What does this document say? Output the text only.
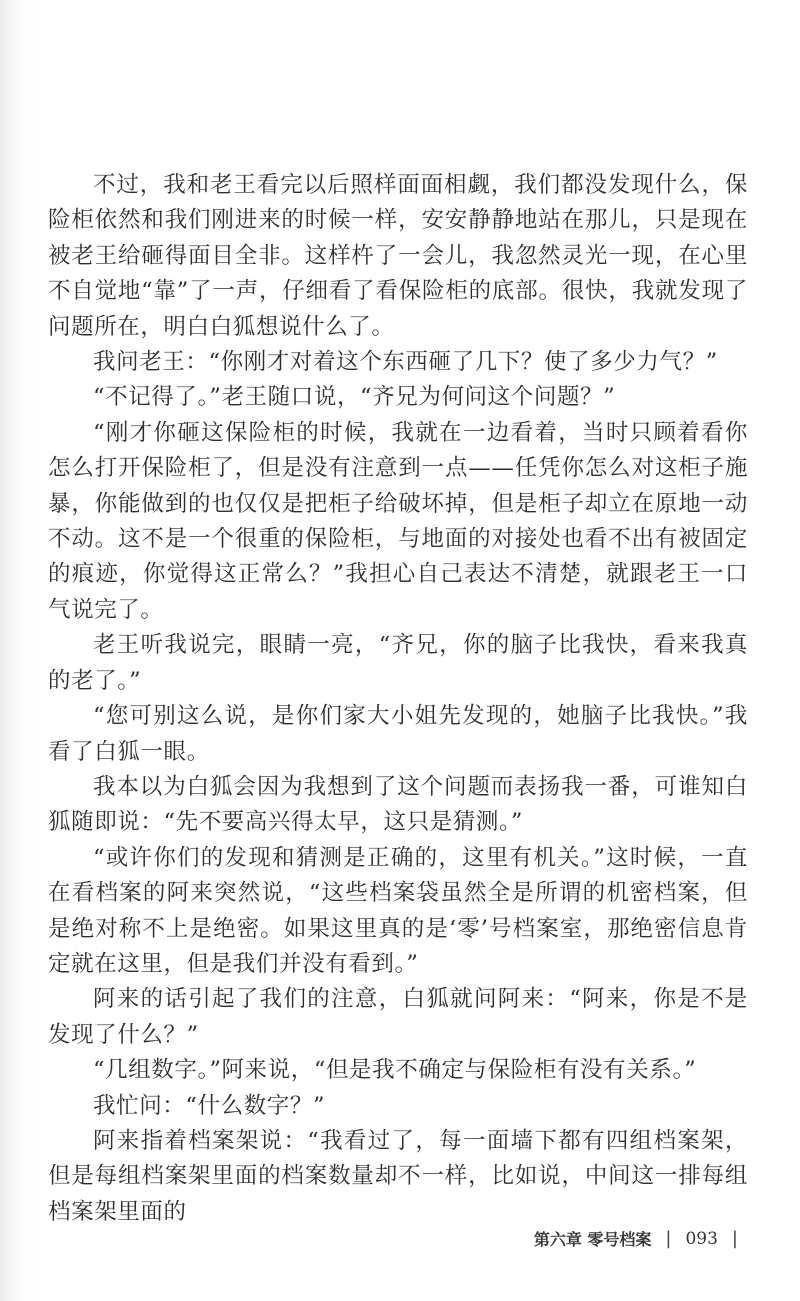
不过，我和老王看完以后照样面面相觑，我们都没发现什么，保险柜依然和我们刚进来的时候一样，安安静静地站在那儿，只是现在被老王给砸得面目全非。这样杵了一会儿，我忽然灵光一现，在心里不自觉地“靠”了一声，仔细看了看保险柜的底部。很快，我就发现了问题所在，明白白狐想说什么了。

我问老王：“你刚才对着这个东西砸了几下？使了多少力气？”

“不记得了。”老王随口说，“齐兄为何问这个问题？”

“刚才你砸这保险柜的时候，我就在一边看着，当时只顾着看你怎么打开保险柜了，但是没有注意到一点——任凭你怎么对这柜子施暴，你能做到的也仅仅是把柜子给破坏掉，但是柜子却立在原地一动不动。这不是一个很重的保险柜，与地面的对接处也看不出有被固定的痕迹，你觉得这正常么？”我担心自己表达不清楚，就跟老王一口气说完了。

老王听我说完，眼睛一亮，“齐兄，你的脑子比我快，看来我真的老了。”

“您可别这么说，是你们家大小姐先发现的，她脑子比我快。”我看了白狐一眼。

我本以为白狐会因为我想到了这个问题而表扬我一番，可谁知白狐随即说：“先不要高兴得太早，这只是猜测。”

“或许你们的发现和猜测是正确的，这里有机关。”这时候，一直在看档案的阿来突然说，“这些档案袋虽然全是所谓的机密档案，但是绝对称不上是绝密。如果这里真的是‘零’号档案室，那绝密信息肯定就在这里，但是我们并没有看到。”

阿来的话引起了我们的注意，白狐就问阿来：“阿来，你是不是发现了什么？”

“几组数字。”阿来说，“但是我不确定与保险柜有没有关系。”

我忙问：“什么数字？”

阿来指着档案架说：“我看过了，每一面墙下都有四组档案架，但是每组档案架里面的档案数量却不一样，比如说，中间这一排每组档案架里面的

第六章 零号档案 | 093 |
